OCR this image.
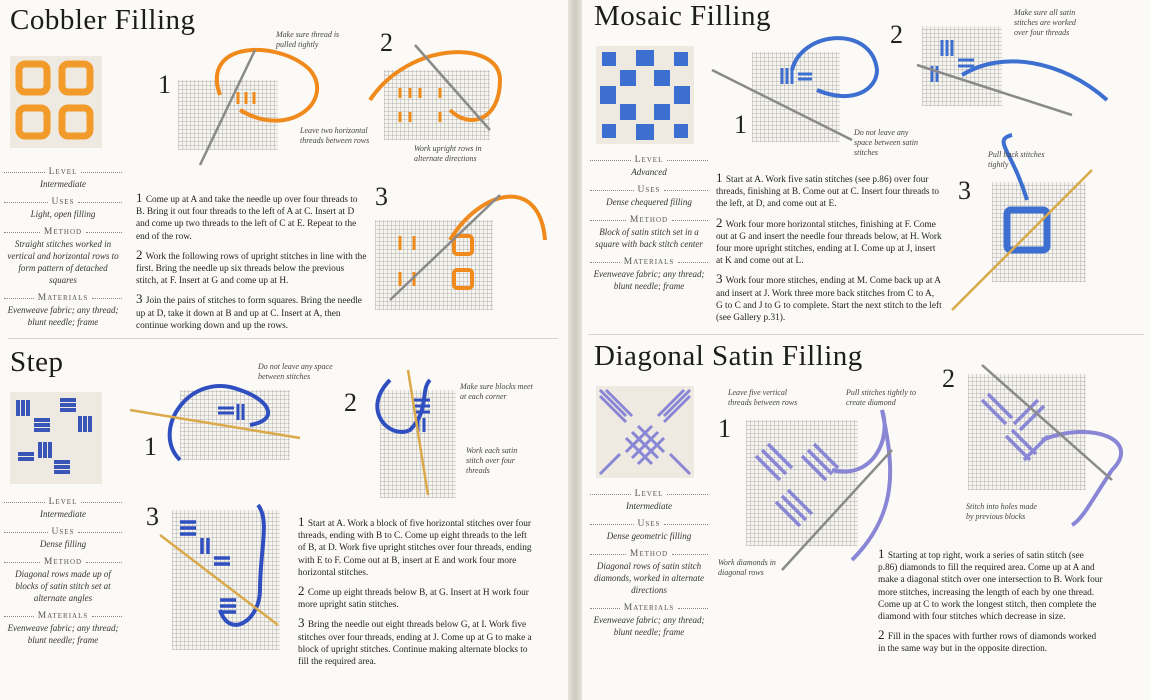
Cobbler Filling
Level
Intermediate
Uses
Light, open filling
Method
Straight stitches worked in vertical and horizontal rows to form pattern of detached squares
Materials
Evenweave fabric; any thread; blunt needle; frame
1
Make sure thread is pulled tightly
Leave two horizontal threads between rows
2
Work upright rows in alternate directions
3

1 Come up at A and take the needle up over four threads to B. Bring it out four threads to the left of A at C. Insert at D and come up two threads to the left of C at E. Repeat to the end of the row.

2 Work the following rows of upright stitches in line with the first. Bring the needle up six threads below the previous stitch, at F. Insert at G and come up at H.

3 Join the pairs of stitches to form squares. Bring the needle up at D, take it down at B and up at C. Insert at A, then continue working down and up the rows.

Step
Level
Intermediate
Uses
Dense filling
Method
Diagonal rows made up of blocks of satin stitch set at alternate angles
Materials
Evenweave fabric; any thread; blunt needle; frame
1
Do not leave any space between stitches
2
Make sure blocks meet at each corner
Work each satin stitch over four threads
3	1 Start at A. Work a block of five horizontal stitches over four threads, ending with B to C. Come up eight threads to the left of B, at D. Work five upright stitches over four threads, ending with E to F. Come out at B, insert at E and work four more horizontal stitches.

2 Come up eight threads below B, at G. Insert at H work four more upright satin stitches.

3 Bring the needle out eight threads below G, at I. Work five stitches over four threads, ending at J. Come up at G to make a block of upright stitches. Continue making alternate blocks to fill the required area.

Mosaic Filling
Level
Advanced
Uses
Dense chequered filling
Method
Block of satin stitch set in a square with back stitch center
Materials
Evenweave fabric; any thread; blunt needle; frame
1	Do not leave any space between satin stitches
2
Make sure all satin stitches are worked over four threads
3
Pull back stitches tightly

1 Start at A. Work five satin stitches (see p.86) over four threads, finishing at B. Come out at C. Insert four threads to the left, at D, and come out at E.

2 Work four more horizontal stitches, finishing at F. Come out at G and insert the needle four threads below, at H. Work four more upright stitches, ending at I. Come up at J, insert at K and come out at L.

3 Work four more stitches, ending at M. Come back up at A and insert at J. Work three more back stitches from C to A, G to C and J to G to complete. Start the next stitch to the left (see Gallery p.31).

Diagonal Satin Filling
Level
Intermediate
Uses
Dense geometric filling
Method
Diagonal rows of satin stitch diamonds, worked in alternate directions
Materials
Evenweave fabric; any thread; blunt needle; frame
1
Leave five vertical threads between rows
Pull stitches tightly to create diamond
Work diamonds in diagonal rows
2
Stitch into holes made by previous blocks

1 Starting at top right, work a series of satin stitch (see p.86) diamonds to fill the required area. Come up at A and make a diagonal stitch over one intersection to B. Work four more stitches, increasing the length of each by one thread. Come up at C to work the longest stitch, then complete the diamond with four stitches which decrease in size.

2 Fill in the spaces with further rows of diamonds worked in the same way but in the opposite direction.
